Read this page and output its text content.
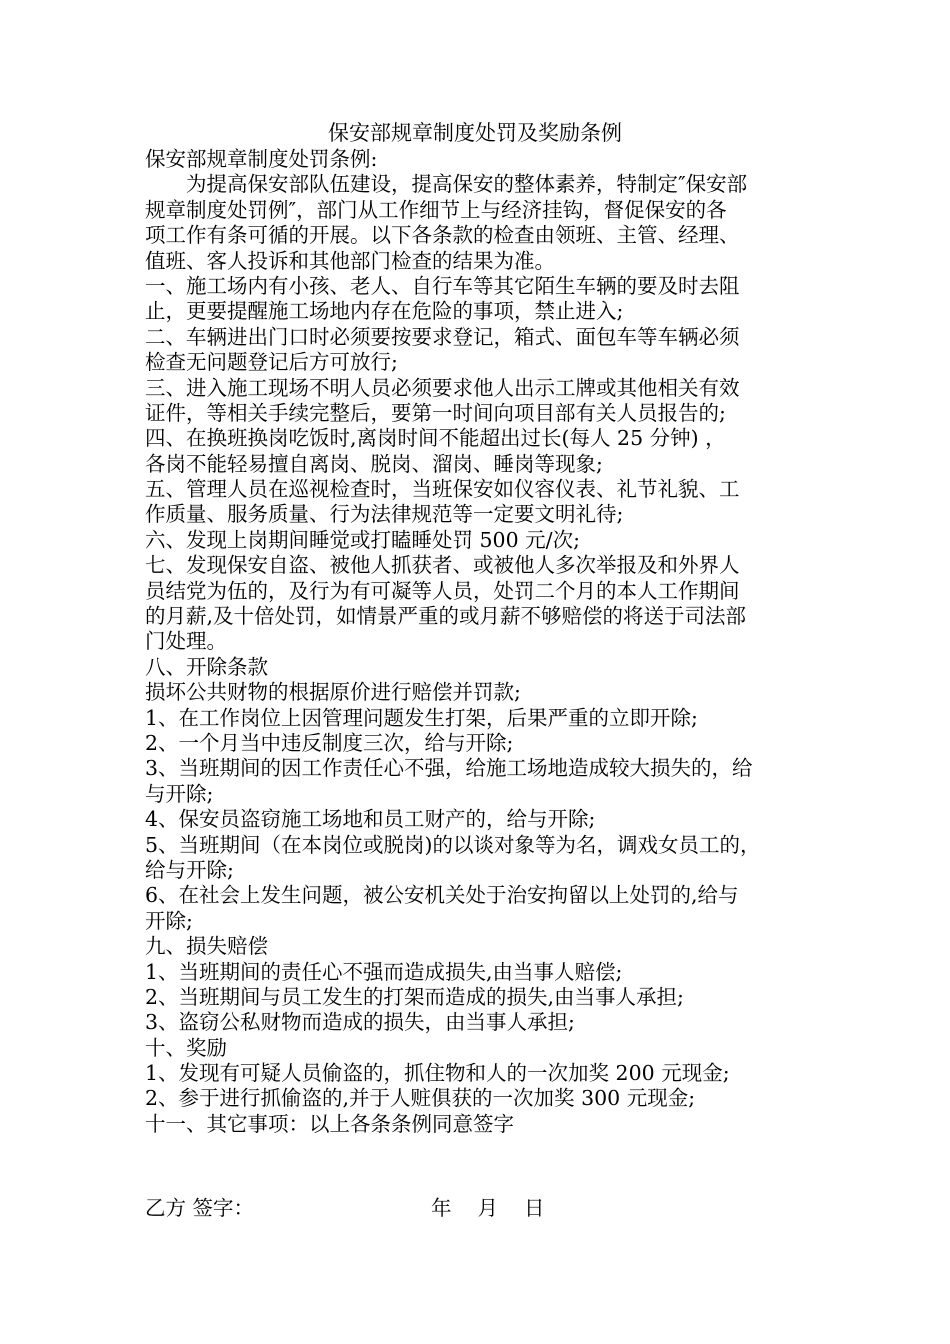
保安部规章制度处罚及奖励条例
保安部规章制度处罚条例:
　　为提高保安部队伍建设，提高保安的整体素养，特制定″保安部
规章制度处罚例″，部门从工作细节上与经济挂钩，督促保安的各
项工作有条可循的开展。以下各条款的检查由领班、主管、经理、
值班、客人投诉和其他部门检查的结果为准。
一、施工场内有小孩、老人、自行车等其它陌生车辆的要及时去阻
止，更要提醒施工场地内存在危险的事项，禁止进入;
二、车辆进出门口时必须要按要求登记，箱式、面包车等车辆必须
检查无问题登记后方可放行;
三、进入施工现场不明人员必须要求他人出示工牌或其他相关有效
证件，等相关手续完整后，要第一时间向项目部有关人员报告的;
四、在换班换岗吃饭时,离岗时间不能超出过长(每人 25 分钟) ，
各岗不能轻易擅自离岗、脱岗、溜岗、睡岗等现象;
五、管理人员在巡视检查时，当班保安如仪容仪表、礼节礼貌、工
作质量、服务质量、行为法律规范等一定要文明礼待;
六、发现上岗期间睡觉或打瞌睡处罚 500 元/次;
七、发现保安自盗、被他人抓获者、或被他人多次举报及和外界人
员结党为伍的，及行为有可凝等人员，处罚二个月的本人工作期间
的月薪,及十倍处罚，如情景严重的或月薪不够赔偿的将送于司法部
门处理。
八、开除条款
损坏公共财物的根据原价进行赔偿并罚款;
1、在工作岗位上因管理问题发生打架，后果严重的立即开除;
2、一个月当中违反制度三次，给与开除;
3、当班期间的因工作责任心不强，给施工场地造成较大损失的，给
与开除;
4、保安员盗窃施工场地和员工财产的，给与开除;
5、当班期间（在本岗位或脱岗)的以谈对象等为名，调戏女员工的，
给与开除;
6、在社会上发生问题，被公安机关处于治安拘留以上处罚的,给与
开除;
九、损失赔偿
1、当班期间的责任心不强而造成损失,由当事人赔偿;
2、当班期间与员工发生的打架而造成的损失,由当事人承担;
3、盗窃公私财物而造成的损失，由当事人承担;
十、奖励
1、发现有可疑人员偷盗的，抓住物和人的一次加奖 200 元现金;
2、参于进行抓偷盗的,并于人赃俱获的一次加奖 300 元现金;
十一、其它事项：以上各条条例同意签字
乙方 签字：	年 月 日
